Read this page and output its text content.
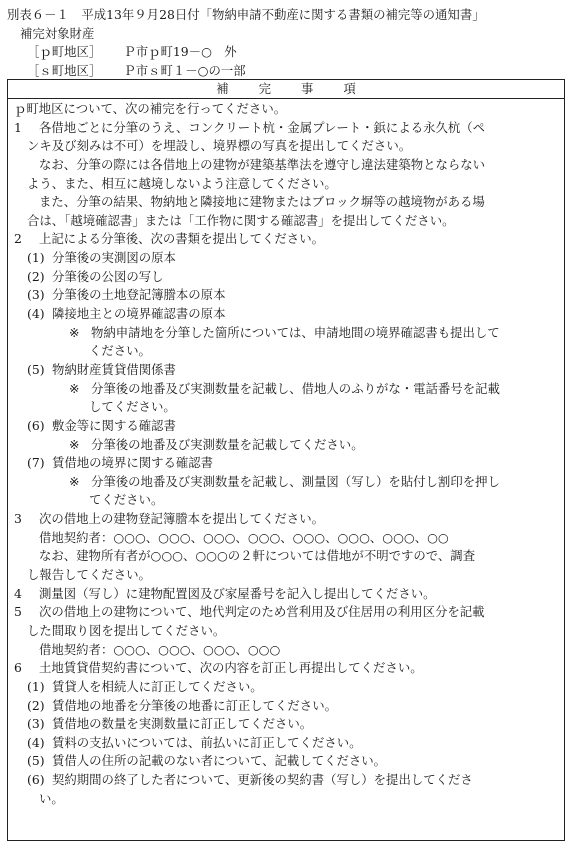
別表６－１　平成13年９月28日付「物納申請不動産に関する書類の補完等の通知書」
補完対象財産
［ｐ町地区］ Ｐ市ｐ町19－○　外
［ｓ町地区］ Ｐ市ｓ町１－○の一部
補完事項
ｐ町地区について、次の補完を行ってください。
1 各借地ごとに分筆のうえ、コンクリート杭・金属プレート・鋲による永久杭（ペ
ンキ及び刻みは不可）を埋設し、境界標の写真を提出してください。
なお、分筆の際には各借地上の建物が建築基準法を遵守し違法建築物とならない
よう、また、相互に越境しないよう注意してください。
また、分筆の結果、物納地と隣接地に建物またはブロック塀等の越境物がある場
合は、「越境確認書」または「工作物に関する確認書」を提出してください。
2 上記による分筆後、次の書類を提出してください。
(1) 分筆後の実測図の原本
(2) 分筆後の公図の写し
(3) 分筆後の土地登記簿謄本の原本
(4) 隣接地主との境界確認書の原本
※ 物納申請地を分筆した箇所については、申請地間の境界確認書も提出して
ください。
(5) 物納財産賃貸借関係書
※ 分筆後の地番及び実測数量を記載し、借地人のふりがな・電話番号を記載
してください。
(6) 敷金等に関する確認書
※ 分筆後の地番及び実測数量を記載してください。
(7) 賃借地の境界に関する確認書
※ 分筆後の地番及び実測数量を記載し、測量図（写し）を貼付し割印を押し
てください。
3 次の借地上の建物登記簿謄本を提出してください。
借地契約者：○○○、○○○、○○○、○○○、○○○、○○○、○○○、○○
なお、建物所有者が○○○、○○○の２軒については借地が不明ですので、調査
し報告してください。
4 測量図（写し）に建物配置図及び家屋番号を記入し提出してください。
5 次の借地上の建物について、地代判定のため営利用及び住居用の利用区分を記載
した間取り図を提出してください。
借地契約者：○○○、○○○、○○○、○○○
6 土地賃貸借契約書について、次の内容を訂正し再提出してください。
(1) 賃貸人を相続人に訂正してください。
(2) 賃借地の地番を分筆後の地番に訂正してください。
(3) 賃借地の数量を実測数量に訂正してください。
(4) 賃料の支払いについては、前払いに訂正してください。
(5) 賃借人の住所の記載のない者について、記載してください。
(6) 契約期間の終了した者について、更新後の契約書（写し）を提出してくださ
い。
